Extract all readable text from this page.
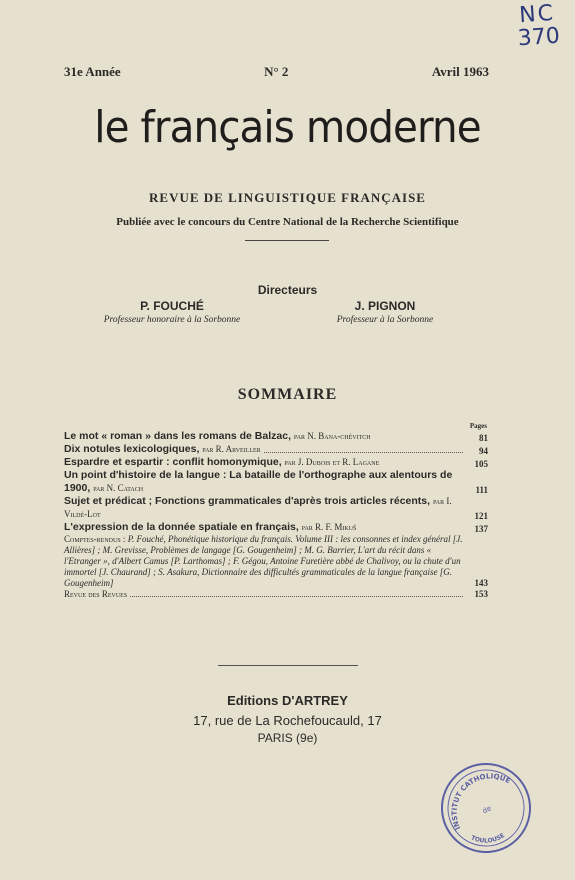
NC
370
31e Année	N° 2	Avril 1963
le français moderne
REVUE DE LINGUISTIQUE FRANÇAISE
Publiée avec le concours du Centre National de la Recherche Scientifique
Directeurs
P. FOUCHÉ
Professeur honoraire à la Sorbonne
J. PIGNON
Professeur à la Sorbonne
SOMMAIRE
Pages
Le mot « roman » dans les romans de Balzac, par N. Bana-chévitch	81
Dix notules lexicologiques, par R. Arveiller	94
Espardre et espartir : conflit homonymique, par J. Dubois et R. Lagane	105
Un point d'histoire de la langue : La bataille de l'orthographe aux alentours de 1900, par N. Catach	111
Sujet et prédicat ; Fonctions grammaticales d'après trois articles récents, par I. Vildé-Lot	121
L'expression de la donnée spatiale en français, par R. F. Mikuš	137
Comptes-rendus : P. Fouché, Phonétique historique du français. Volume III : les consonnes et index général [J. Allières] ; M. Grevisse, Problèmes de langage [G. Gougenheim] ; M. G. Barrier, L'art du récit dans « l'Etranger », d'Albert Camus [P. Larthomas] ; F. Gégou, Antoine Furetière abbé de Chalivoy, ou la chute d'un immortel [J. Chaurand] ; S. Asakura, Dictionnaire des difficultés grammaticales de la langue française [G. Gougenheim]	143
Revue des Revues	153
Editions D'ARTREY
17, rue de La Rochefoucauld, 17
PARIS (9e)
INSTITUT CATHOLIQUE
de
TOULOUSE
